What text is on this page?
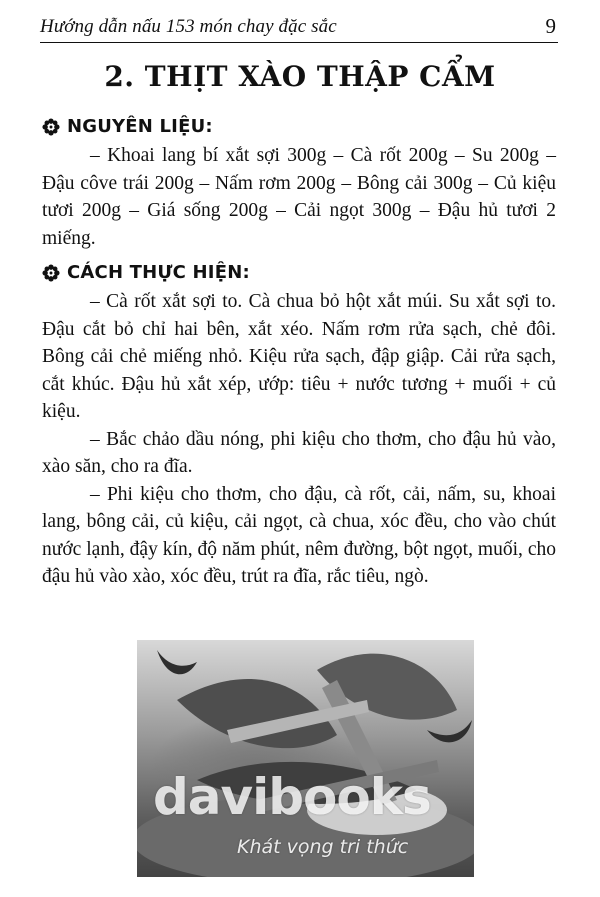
Hướng dẫn nấu 153 món chay đặc sắc	9
2. THỊT XÀO THẬP CẨM
NGUYÊN LIỆU:

– Khoai lang bí xắt sợi 300g – Cà rốt 200g – Su 200g – Đậu côve trái 200g – Nấm rơm 200g – Bông cải 300g – Củ kiệu tươi 200g – Giá sống 200g – Cải ngọt 300g – Đậu hủ tươi 2 miếng.

CÁCH THỰC HIỆN:

– Cà rốt xắt sợi to. Cà chua bỏ hột xắt múi. Su xắt sợi to. Đậu cắt bỏ chỉ hai bên, xắt xéo. Nấm rơm rửa sạch, chẻ đôi. Bông cải chẻ miếng nhỏ. Kiệu rửa sạch, đập giập. Cải rửa sạch, cắt khúc. Đậu hủ xắt xép, ướp: tiêu + nước tương + muối + củ kiệu.

– Bắc chảo dầu nóng, phi kiệu cho thơm, cho đậu hủ vào, xào săn, cho ra đĩa.

– Phi kiệu cho thơm, cho đậu, cà rốt, cải, nấm, su, khoai lang, bông cải, củ kiệu, cải ngọt, cà chua, xóc đều, cho vào chút nước lạnh, đậy kín, độ năm phút, nêm đường, bột ngọt, muối, cho đậu hủ vào xào, xóc đều, trút ra đĩa, rắc tiêu, ngò.

davibooks
Khát vọng tri thức
